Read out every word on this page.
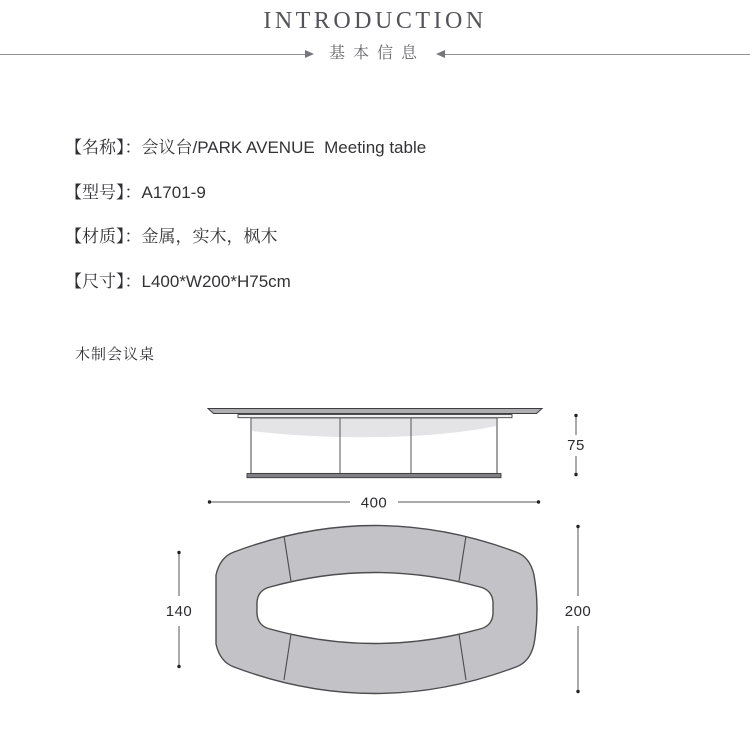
INTRODUCTION
基本信息
【名称】：会议台/PARK AVENUE  Meeting table
【型号】：A1701-9
【材质】：金属，实木，枫木
【尺寸】：L400*W200*H75cm
木制会议桌
75
400
140	200
